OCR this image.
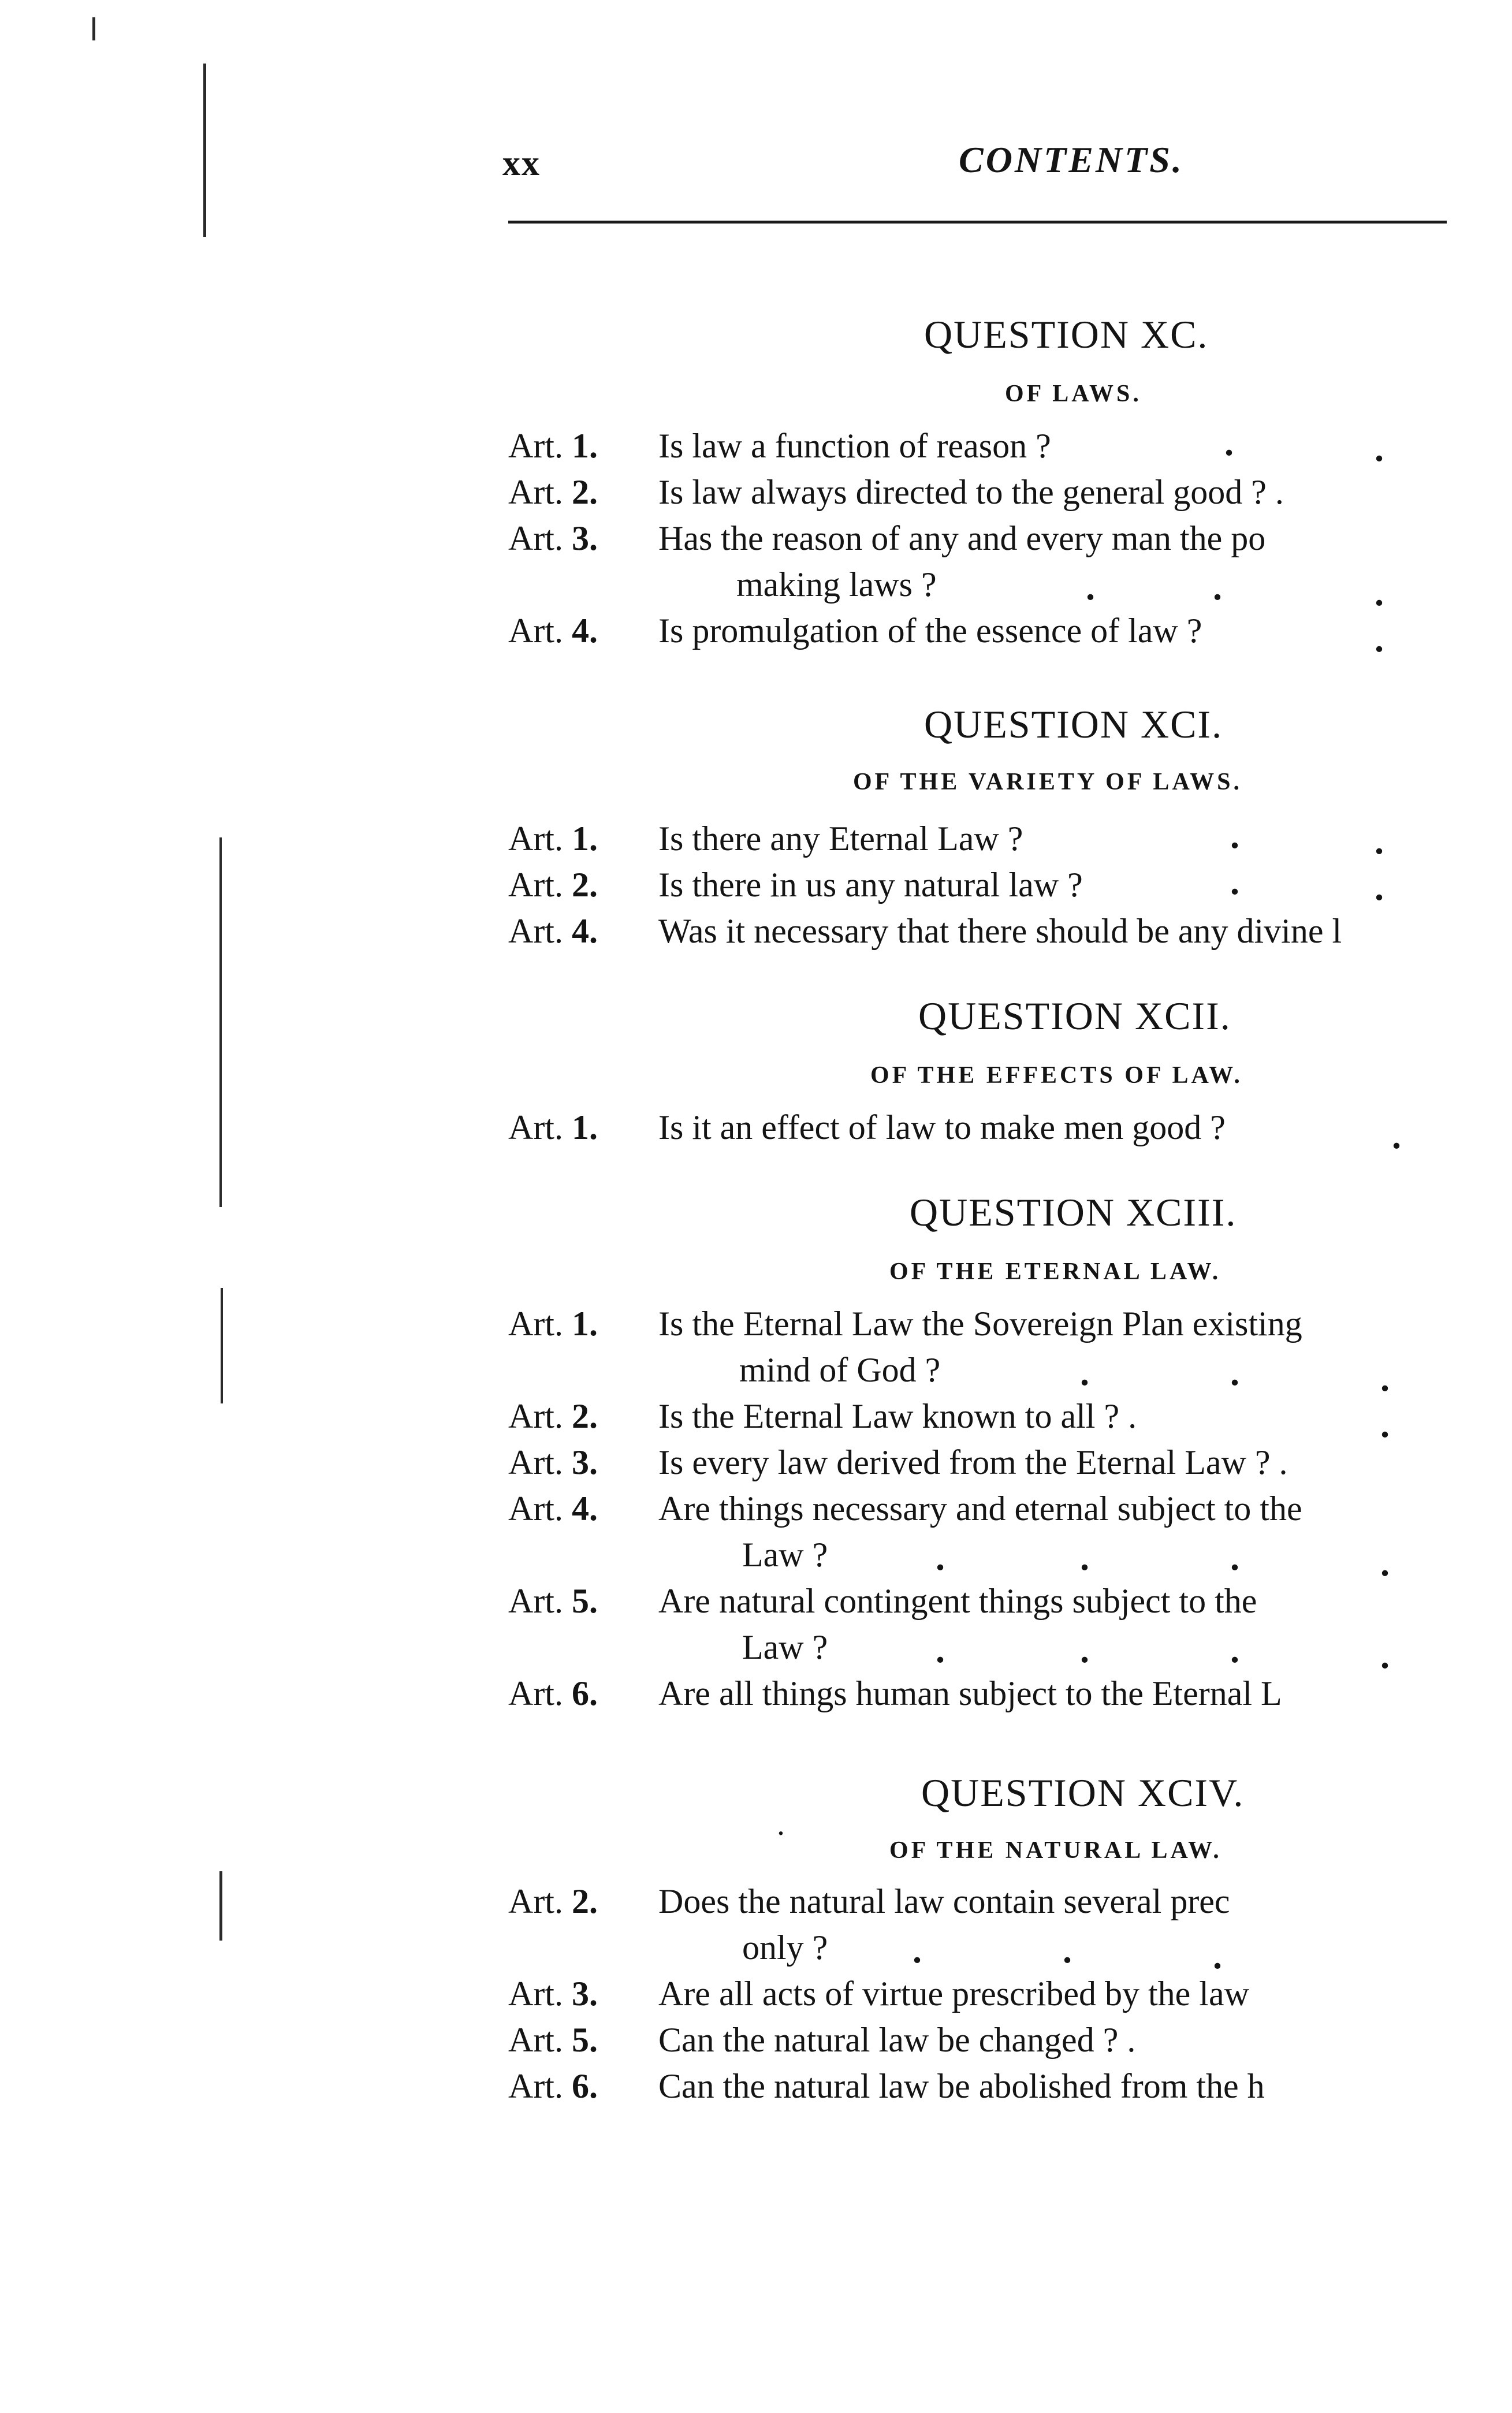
xx	CONTENTS.
QUESTION XC.
OF LAWS.
Art. 1. Is law a function of reason ?	.	.
Art. 2. Is law always directed to the general good ? .
Art. 3. Has the reason of any and every man the po
making laws ?	.	.	.
Art. 4. Is promulgation of the essence of law ?	.
QUESTION XCI.
OF THE VARIETY OF LAWS.
Art. 1. Is there any Eternal Law ?	.	.
Art. 2. Is there in us any natural law ?	.	.
Art. 4. Was it necessary that there should be any divine l
QUESTION XCII.
OF THE EFFECTS OF LAW.
Art. 1. Is it an effect of law to make men good ?	.
QUESTION XCIII.
OF THE ETERNAL LAW.
Art. 1. Is the Eternal Law the Sovereign Plan existing
mind of God ?	.	.	.
Art. 2. Is the Eternal Law known to all ? .	.
Art. 3. Is every law derived from the Eternal Law ? .
Art. 4. Are things necessary and eternal subject to the
Law ?	.	.	.	.
Art. 5. Are natural contingent things subject to the
Law ?	.	.	.	.
Art. 6. Are all things human subject to the Eternal L
QUESTION XCIV.
.
OF THE NATURAL LAW.
Art. 2. Does the natural law contain several prec
only ? .	.	.
Art. 3. Are all acts of virtue prescribed by the law
Art. 5. Can the natural law be changed ? .
Art. 6. Can the natural law be abolished from the h
